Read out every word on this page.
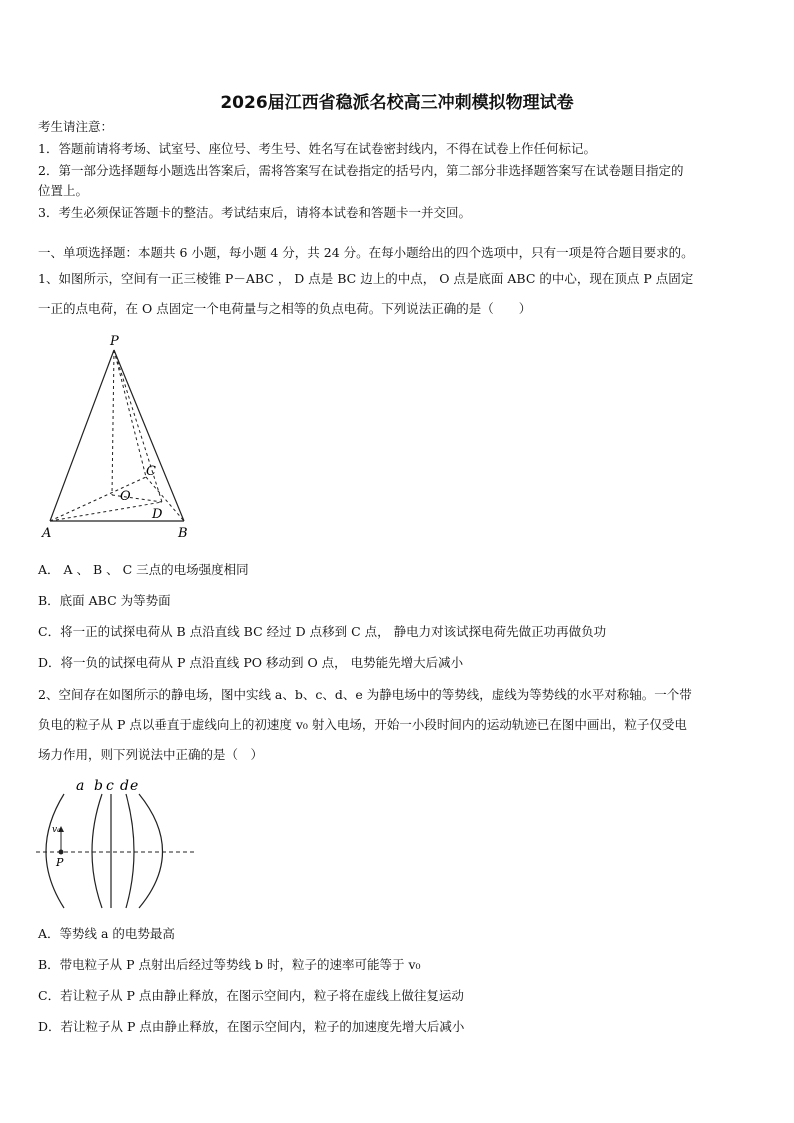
2026届江西省稳派名校高三冲刺模拟物理试卷
考生请注意：
1．答题前请将考场、试室号、座位号、考生号、姓名写在试卷密封线内，不得在试卷上作任何标记。
2．第一部分选择题每小题选出答案后，需将答案写在试卷指定的括号内，第二部分非选择题答案写在试卷题目指定的
位置上。
3．考生必须保证答题卡的整洁。考试结束后，请将本试卷和答题卡一并交回。
一、单项选择题：本题共 6 小题，每小题 4 分，共 24 分。在每小题给出的四个选项中，只有一项是符合题目要求的。
1、如图所示，空间有一正三棱锥 P－ABC ， D 点是 BC 边上的中点， O 点是底面 ABC 的中心，现在顶点 P 点固定
一正的点电荷，在 O 点固定一个电荷量与之相等的负点电荷。下列说法正确的是（　　）
P
A	B
C
O
D
A． A 、 B 、 C 三点的电场强度相同
B．底面 ABC 为等势面
C．将一正的试探电荷从 B 点沿直线 BC 经过 D 点移到 C 点， 静电力对该试探电荷先做正功再做负功
D．将一负的试探电荷从 P 点沿直线 PO 移动到 O 点， 电势能先增大后减小
2、空间存在如图所示的静电场，图中实线 a、b、c、d、e 为静电场中的等势线，虚线为等势线的水平对称轴。一个带
负电的粒子从 P 点以垂直于虚线向上的初速度 v₀ 射入电场，开始一小段时间内的运动轨迹已在图中画出，粒子仅受电
场力作用，则下列说法中正确的是（　）
a b c d e
v₀
P
A．等势线 a 的电势最高
B．带电粒子从 P 点射出后经过等势线 b 时，粒子的速率可能等于 v₀
C．若让粒子从 P 点由静止释放，在图示空间内，粒子将在虚线上做往复运动
D．若让粒子从 P 点由静止释放，在图示空间内，粒子的加速度先增大后减小
